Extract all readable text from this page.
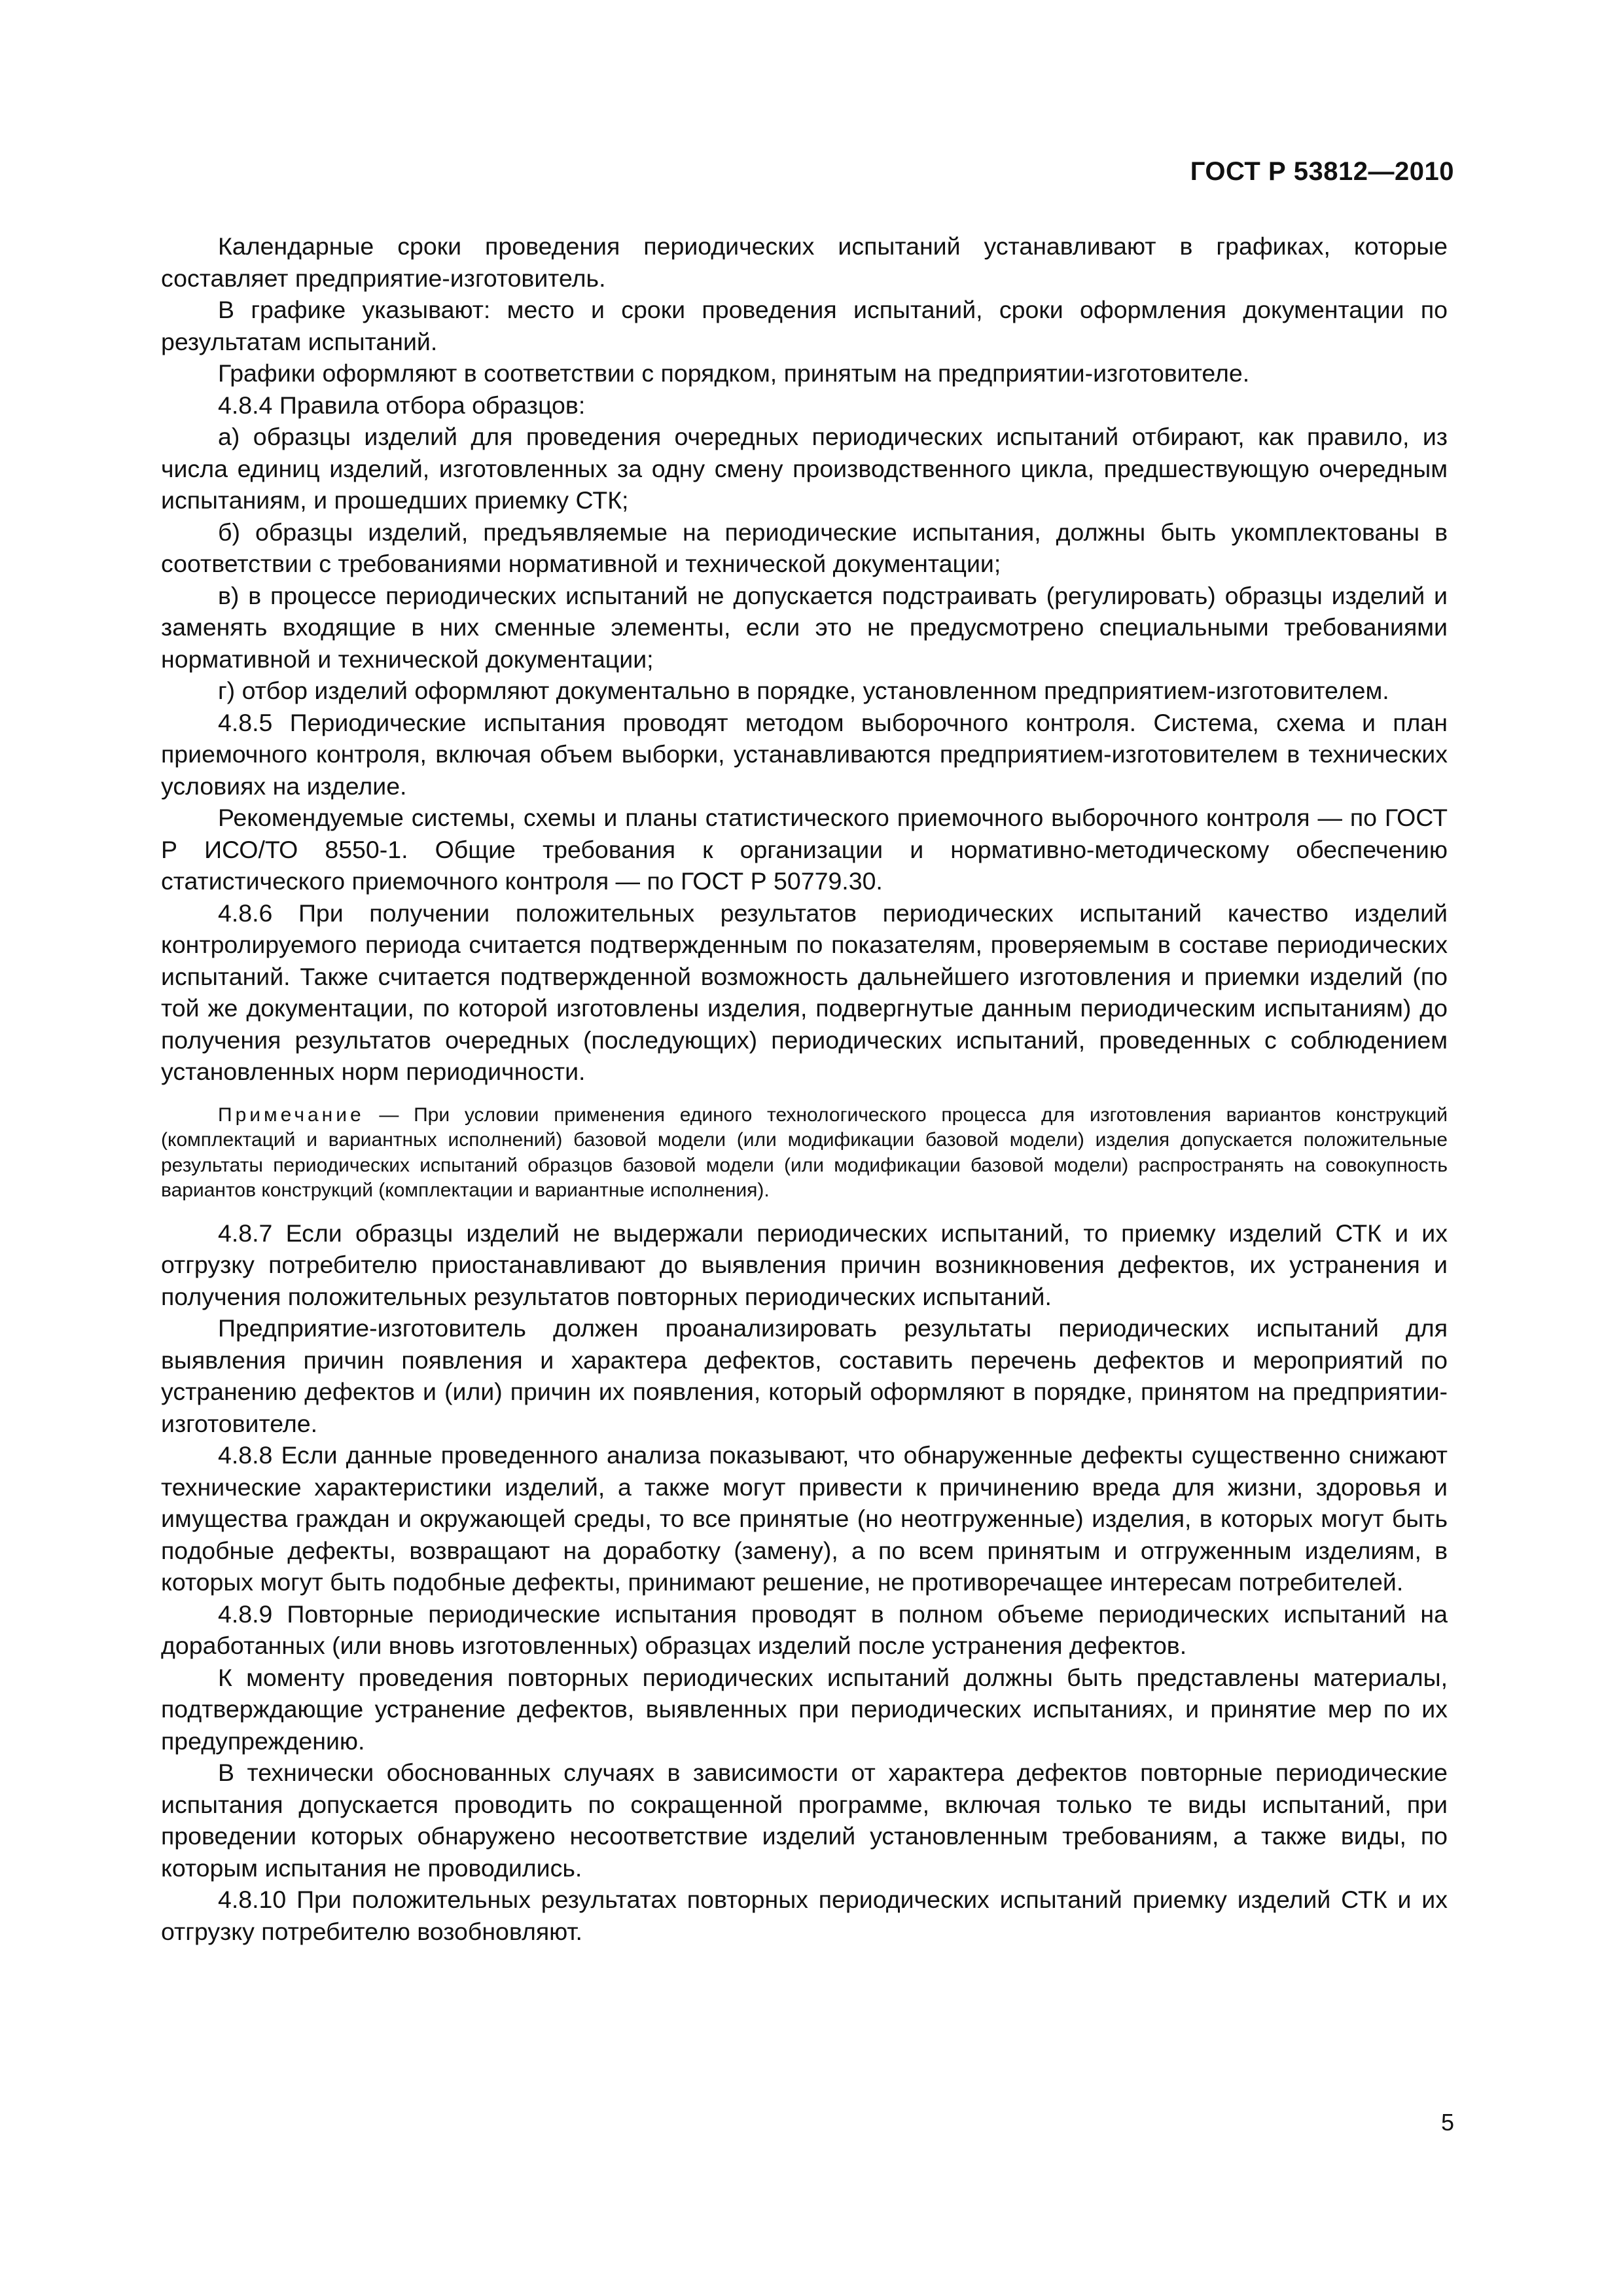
ГОСТ Р 53812—2010

Календарные сроки проведения периодических испытаний устанавливают в графиках, которые составляет предприятие-изготовитель.

В графике указывают: место и сроки проведения испытаний, сроки оформления документации по результатам испытаний.

Графики оформляют в соответствии с порядком, принятым на предприятии-изготовителе.

4.8.4 Правила отбора образцов:

а) образцы изделий для проведения очередных периодических испытаний отбирают, как правило, из числа единиц изделий, изготовленных за одну смену производственного цикла, предшествующую очередным испытаниям, и прошедших приемку СТК;

б) образцы изделий, предъявляемые на периодические испытания, должны быть укомплектованы в соответствии с требованиями нормативной и технической документации;

в) в процессе периодических испытаний не допускается подстраивать (регулировать) образцы изделий и заменять входящие в них сменные элементы, если это не предусмотрено специальными требованиями нормативной и технической документации;

г) отбор изделий оформляют документально в порядке, установленном предприятием-изготовителем.

4.8.5 Периодические испытания проводят методом выборочного контроля. Система, схема и план приемочного контроля, включая объем выборки, устанавливаются предприятием-изготовителем в технических условиях на изделие.

Рекомендуемые системы, схемы и планы статистического приемочного выборочного контроля — по ГОСТ Р ИСО/ТО 8550-1. Общие требования к организации и нормативно-методическому обеспечению статистического приемочного контроля — по ГОСТ Р 50779.30.

4.8.6 При получении положительных результатов периодических испытаний качество изделий контролируемого периода считается подтвержденным по показателям, проверяемым в составе периодических испытаний. Также считается подтвержденной возможность дальнейшего изготовления и приемки изделий (по той же документации, по которой изготовлены изделия, подвергнутые данным периодическим испытаниям) до получения результатов очередных (последующих) периодических испытаний, проведенных с соблюдением установленных норм периодичности.

Примечание — При условии применения единого технологического процесса для изготовления вариантов конструкций (комплектаций и вариантных исполнений) базовой модели (или модификации базовой модели) изделия допускается положительные результаты периодических испытаний образцов базовой модели (или модификации базовой модели) распространять на совокупность вариантов конструкций (комплектации и вариантные исполнения).

4.8.7 Если образцы изделий не выдержали периодических испытаний, то приемку изделий СТК и их отгрузку потребителю приостанавливают до выявления причин возникновения дефектов, их устранения и получения положительных результатов повторных периодических испытаний.

Предприятие-изготовитель должен проанализировать результаты периодических испытаний для выявления причин появления и характера дефектов, составить перечень дефектов и мероприятий по устранению дефектов и (или) причин их появления, который оформляют в порядке, принятом на предприятии-изготовителе.

4.8.8 Если данные проведенного анализа показывают, что обнаруженные дефекты существенно снижают технические характеристики изделий, а также могут привести к причинению вреда для жизни, здоровья и имущества граждан и окружающей среды, то все принятые (но неотгруженные) изделия, в которых могут быть подобные дефекты, возвращают на доработку (замену), а по всем принятым и отгруженным изделиям, в которых могут быть подобные дефекты, принимают решение, не противоречащее интересам потребителей.

4.8.9 Повторные периодические испытания проводят в полном объеме периодических испытаний на доработанных (или вновь изготовленных) образцах изделий после устранения дефектов.

К моменту проведения повторных периодических испытаний должны быть представлены материалы, подтверждающие устранение дефектов, выявленных при периодических испытаниях, и принятие мер по их предупреждению.

В технически обоснованных случаях в зависимости от характера дефектов повторные периодические испытания допускается проводить по сокращенной программе, включая только те виды испытаний, при проведении которых обнаружено несоответствие изделий установленным требованиям, а также виды, по которым испытания не проводились.

4.8.10 При положительных результатах повторных периодических испытаний приемку изделий СТК и их отгрузку потребителю возобновляют.

5
